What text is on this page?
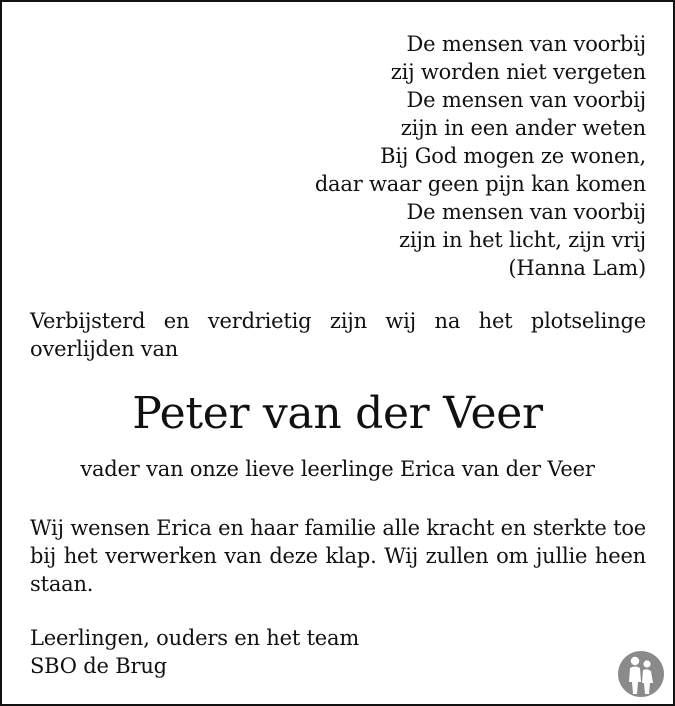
De mensen van voorbij
zij worden niet vergeten
De mensen van voorbij
zijn in een ander weten
Bij God mogen ze wonen,
daar waar geen pijn kan komen
De mensen van voorbij
zijn in het licht, zijn vrij
(Hanna Lam)
Verbijsterd en verdrietig zijn wij na het plotselinge overlijden van
Peter van der Veer
vader van onze lieve leerlinge Erica van der Veer
Wij wensen Erica en haar familie alle kracht en sterkte toe bij het verwerken van deze klap. Wij zullen om jullie heen staan.
Leerlingen, ouders en het team
SBO de Brug
